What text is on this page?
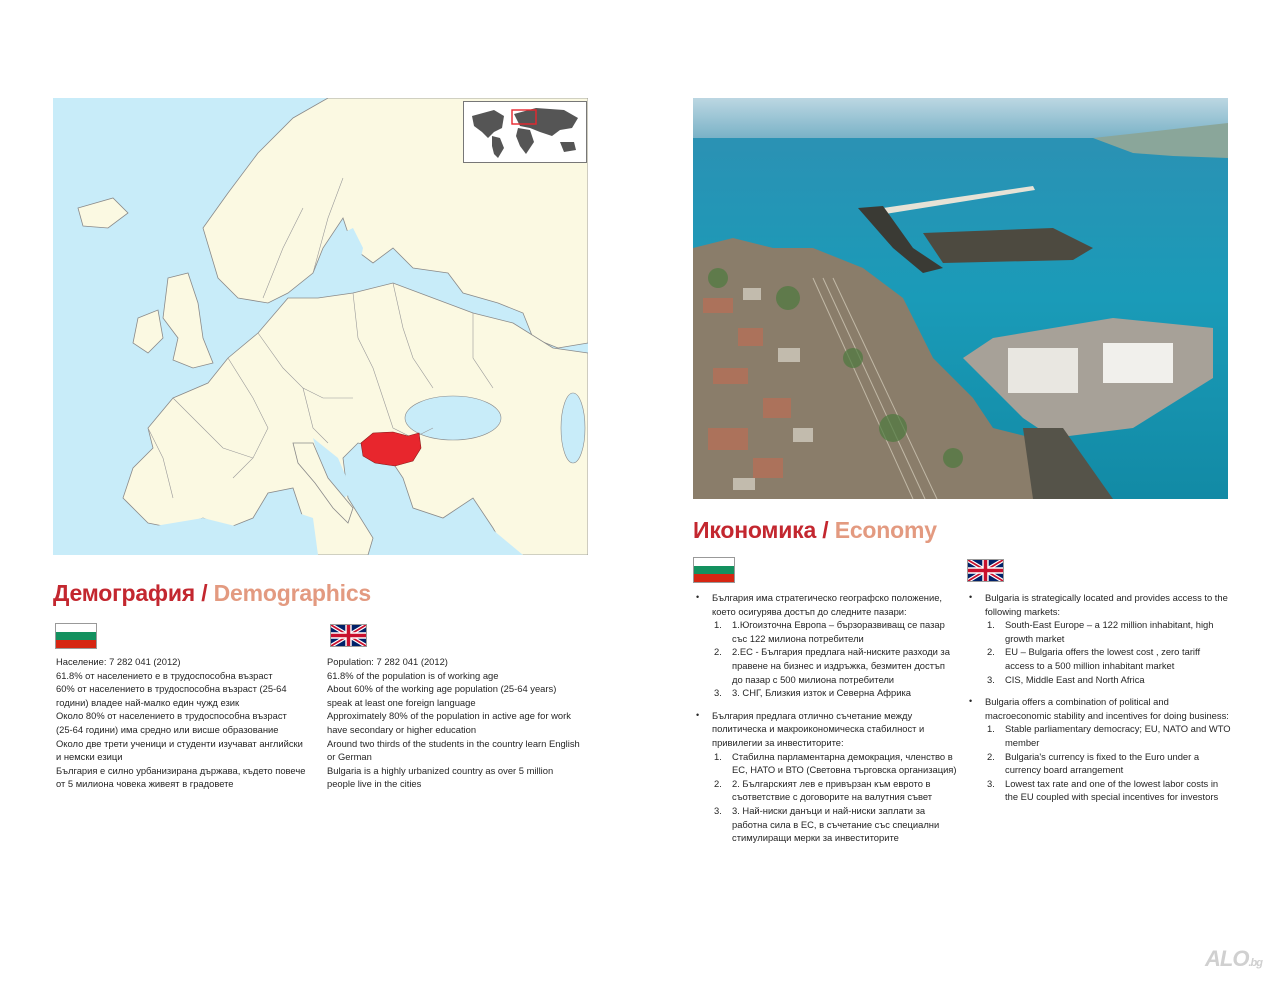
Демография / Demographics

Население: 7 282 041 (2012)

61.8% от населението е в трудоспособна възраст

60% от населението в трудоспособна възраст (25-64 години) владее най-малко един чужд език

Около 80% от населението в трудоспособна възраст (25-64 години) има средно или висше образование

Около две трети ученици и студенти изучават английски и немски езици

България е силно урбанизирана държава, където повече от 5 милиона човека живеят в градовете

Population: 7 282 041 (2012)

61.8% of the population is of working age

About 60% of the working age population (25-64 years) speak at least one foreign language

Approximately 80% of the population in active age for work have secondary or higher education

Around two thirds of the students in the country learn English or German

Bulgaria is a highly urbanized country as over 5 million people live in the cities

Икономика / Economy

• България има стратегическо географско положение, което осигурява достъп до следните пазари:

1. 1.Югоизточна Европа – бързоразвиващ се пазар със 122 милиона потребители
2. 2.ЕС - България предлага най-ниските разходи за правене на бизнес и издръжка, безмитен достъп до пазар с 500 милиона потребители
3. 3. СНГ, Близкия изток и Северна Африка

• България предлага отлично съчетание между политическа и макроикономическа стабилност и привилегии за инвеститорите:

1. Стабилна парламентарна демокрация, членство в ЕС, НАТО и ВТО (Световна търговска организация)
2. 2. Българският лев е привързан към еврото в съответствие с договорите на валутния съвет
3. 3. Най-ниски данъци и най-ниски заплати за работна сила в ЕС, в съчетание със специални стимулиращи мерки за инвеститорите

• Bulgaria is strategically located and provides access to the following markets:

1. South-East Europe – a 122 million inhabitant, high growth market
2. EU – Bulgaria offers the lowest cost , zero tariff access to a 500 million inhabitant market
3. CIS, Middle East and North Africa

• Bulgaria offers a combination of political and macroeconomic stability and incentives for doing business:

1. Stable parliamentary democracy; EU, NATO and WTO member
2. Bulgaria's currency is fixed to the Euro under a currency board arrangement
3. Lowest tax rate and one of the lowest labor costs in the EU coupled with special incentives for investors
ALO.bg
